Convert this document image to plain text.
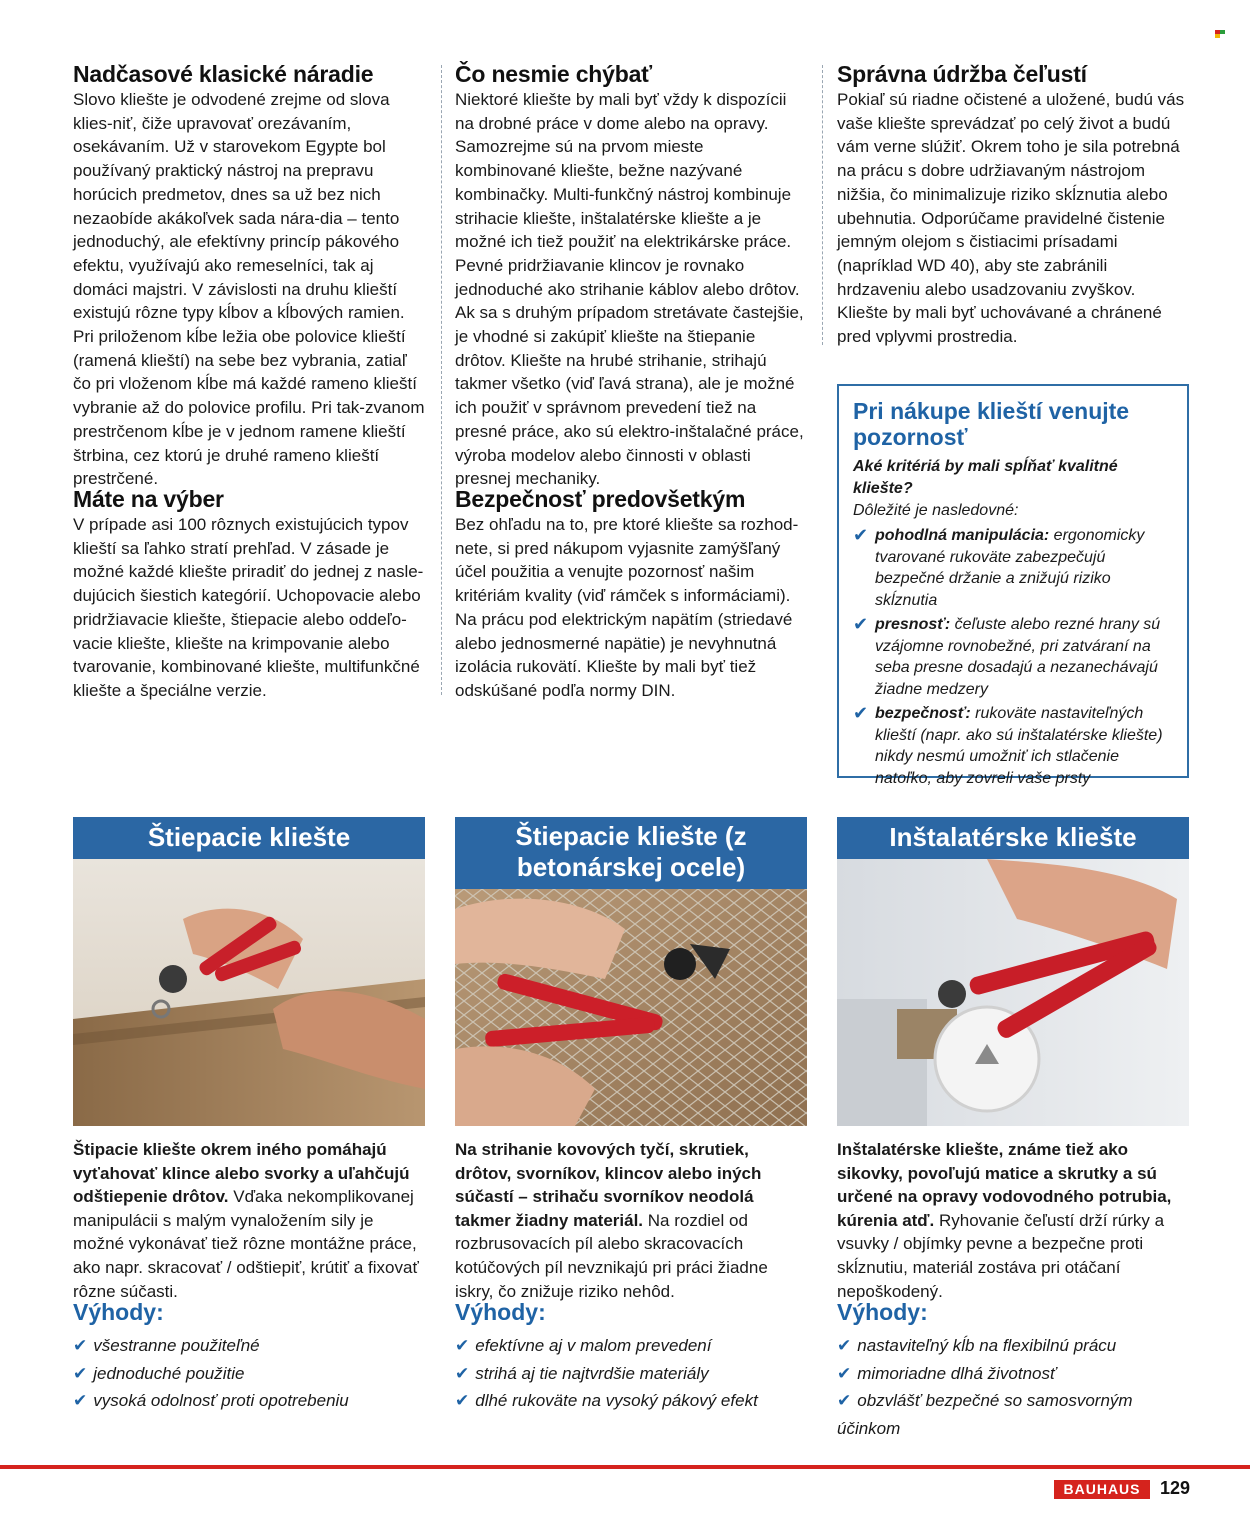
Nadčasové klasické náradie

Slovo kliešte je odvodené zrejme od slova klies-niť, čiže upravovať orezávaním, osekávaním. Už v starovekom Egypte bol používaný praktický nástroj na prepravu horúcich predmetov, dnes sa už bez nich nezaobíde akákoľvek sada nára-dia – tento jednoduchý, ale efektívny princíp pákového efektu, využívajú ako remeselníci, tak aj domáci majstri. V závislosti na druhu klieští existujú rôzne typy kĺbov a kĺbových ramien. Pri priloženom kĺbe ležia obe polovice klieští (ramená klieští) na sebe bez vybrania, zatiaľ čo pri vloženom kĺbe má každé rameno klieští vybranie až do polovice profilu. Pri tak-zvanom prestrčenom kĺbe je v jednom ramene klieští štrbina, cez ktorú je druhé rameno klieští prestrčené.

Máte na výber

V prípade asi 100 rôznych existujúcich typov klieští sa ľahko stratí prehľad. V zásade je možné každé kliešte priradiť do jednej z nasle-dujúcich šiestich kategórií. Uchopovacie alebo pridržiavacie kliešte, štiepacie alebo oddeľo-vacie kliešte, kliešte na krimpovanie alebo tvarovanie, kombinované kliešte, multifunkčné kliešte a špeciálne verzie.

Čo nesmie chýbať

Niektoré kliešte by mali byť vždy k dispozícii na drobné práce v dome alebo na opravy. Samozrejme sú na prvom mieste kombinované kliešte, bežne nazývané kombinačky. Multi-funkčný nástroj kombinuje strihacie kliešte, inštalatérske kliešte a je možné ich tiež použiť na elektrikárske práce. Pevné pridržiavanie klincov je rovnako jednoduché ako strihanie káblov alebo drôtov. Ak sa s druhým prípadom stretávate častejšie, je vhodné si zakúpiť kliešte na štiepanie drôtov. Kliešte na hrubé strihanie, strihajú takmer všetko (viď ľavá strana), ale je možné ich použiť v správnom prevedení tiež na presné práce, ako sú elektro-inštalačné práce, výroba modelov alebo činnosti v oblasti presnej mechaniky.

Bezpečnosť predovšetkým

Bez ohľadu na to, pre ktoré kliešte sa rozhod-nete, si pred nákupom vyjasnite zamýšľaný účel použitia a venujte pozornosť našim kritériám kvality (viď rámček s informáciami). Na prácu pod elektrickým napätím (striedavé alebo jednosmerné napätie) je nevyhnutná izolácia rukovätí. Kliešte by mali byť tiež odskúšané podľa normy DIN.

Správna údržba čeľustí

Pokiaľ sú riadne očistené a uložené, budú vás vaše kliešte sprevádzať po celý život a budú vám verne slúžiť. Okrem toho je sila potrebná na prácu s dobre udržiavaným nástrojom nižšia, čo minimalizuje riziko skĺznutia alebo ubehnutia. Odporúčame pravidelné čistenie jemným olejom s čistiacimi prísadami (napríklad WD 40), aby ste zabránili hrdzaveniu alebo usadzovaniu zvyškov. Kliešte by mali byť uchovávané a chránené pred vplyvmi prostredia.

Pri nákupe klieští venujte pozornosť
Aké kritériá by mali spĺňať kvalitné kliešte?
Dôležité je nasledovné:
✔ pohodlná manipulácia: ergonomicky tvarované rukoväte zabezpečujú bezpečné držanie a znižujú riziko skĺznutia
✔ presnosť: čeľuste alebo rezné hrany sú vzájomne rovnobežné, pri zatváraní na seba presne dosadajú a nezanechávajú žiadne medzery
✔ bezpečnosť: rukoväte nastaviteľných klieští (napr. ako sú inštalatérske kliešte) nikdy nesmú umožniť ich stlačenie natoľko, aby zovreli vaše prsty
Štiepacie kliešte
Štipacie kliešte okrem iného pomáhajú vyťahovať klince alebo svorky a uľahčujú odštiepenie drôtov. Vďaka nekomplikovanej manipulácii s malým vynaložením sily je možné vykonávať tiež rôzne montážne práce, ako napr. skracovať / odštiepiť, krútiť a fixovať rôzne súčasti.
Výhody:
✔ všestranne použiteľné
✔ jednoduché použitie
✔ vysoká odolnosť proti opotrebeniu
Štiepacie kliešte (z betonárskej ocele)
Na strihanie kovových tyčí, skrutiek, drôtov, svorníkov, klincov alebo iných súčastí – strihaču svorníkov neodolá takmer žiadny materiál. Na rozdiel od rozbrusovacích píl alebo skracovacích kotúčových píl nevznikajú pri práci žiadne iskry, čo znižuje riziko nehôd.
Výhody:
✔ efektívne aj v malom prevedení
✔ strihá aj tie najtvrdšie materiály
✔ dlhé rukoväte na vysoký pákový efekt
Inštalatérske kliešte
Inštalatérske kliešte, známe tiež ako sikovky, povoľujú matice a skrutky a sú určené na opravy vodovodného potrubia, kúrenia atď. Ryhovanie čeľustí drží rúrky a vsuvky / objímky pevne a bezpečne proti skĺznutiu, materiál zostáva pri otáčaní nepoškodený.
Výhody:
✔ nastaviteľný kĺb na flexibilnú prácu
✔ mimoriadne dlhá životnosť
✔ obzvlášť bezpečné so samosvorným účinkom
BAUHAUS	129
